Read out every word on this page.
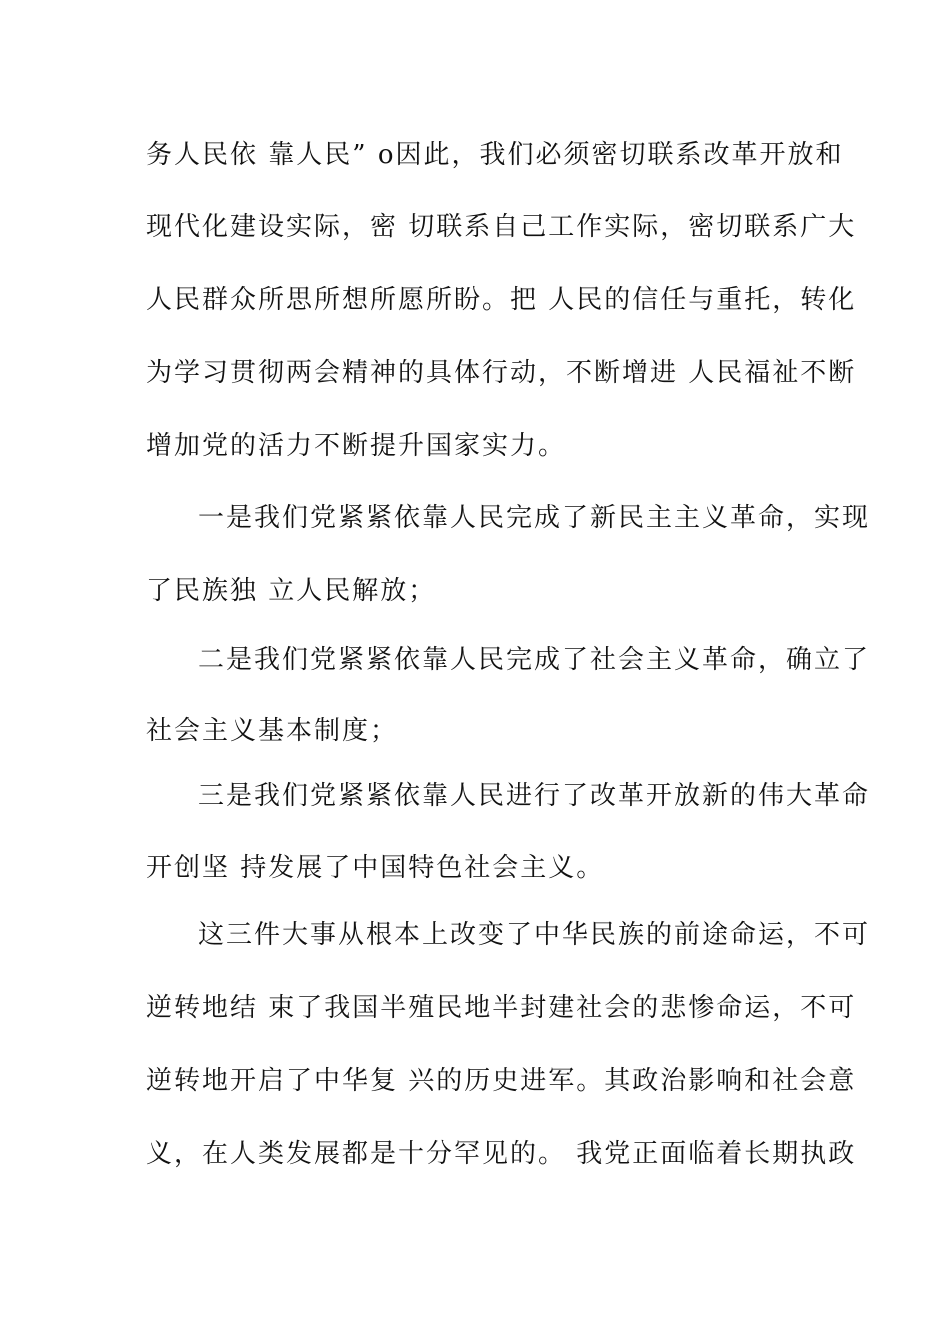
务人民依 靠人民” o因此，我们必须密切联系改革开放和
现代化建设实际，密 切联系自己工作实际，密切联系广大
人民群众所思所想所愿所盼。把 人民的信任与重托，转化
为学习贯彻两会精神的具体行动，不断增进 人民福祉不断
增加党的活力不断提升国家实力。
一是我们党紧紧依靠人民完成了新民主主义革命，实现
了民族独 立人民解放；
二是我们党紧紧依靠人民完成了社会主义革命，确立了
社会主义基本制度；
三是我们党紧紧依靠人民进行了改革开放新的伟大革命
开创坚 持发展了中国特色社会主义。
这三件大事从根本上改变了中华民族的前途命运，不可
逆转地结 束了我国半殖民地半封建社会的悲惨命运，不可
逆转地开启了中华复 兴的历史进军。其政治影响和社会意
义，在人类发展都是十分罕见的。 我党正面临着长期执政
